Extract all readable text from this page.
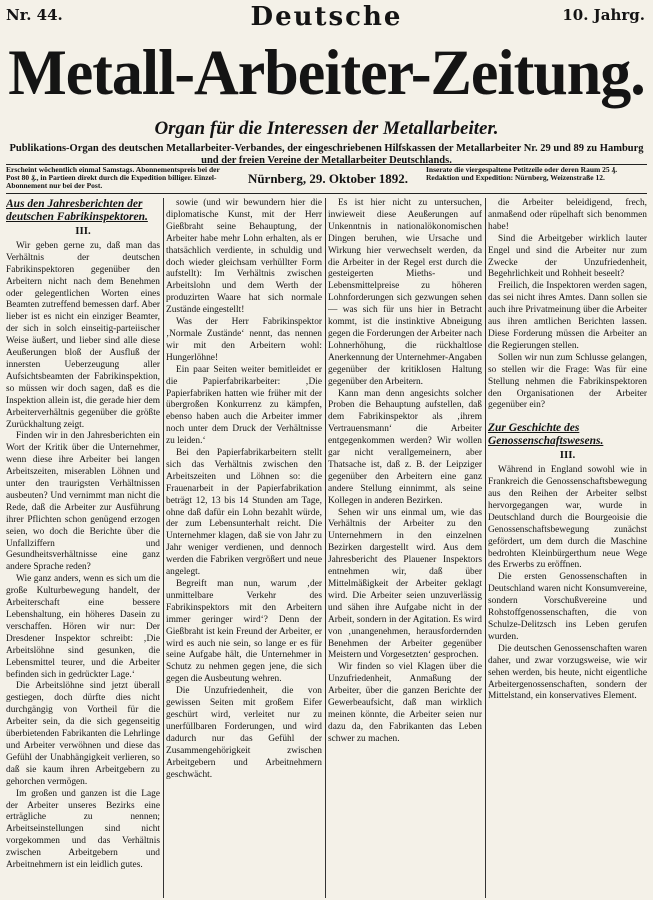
Nr. 44.	10. Jahrg.
Deutsche
Metall-Arbeiter-Zeitung.
Organ für die Interessen der Metallarbeiter.
Publikations-Organ des deutschen Metallarbeiter-Verbandes, der eingeschriebenen Hilfskassen der Metallarbeiter Nr. 29 und 89 zu Hamburg und der freien Vereine der Metallarbeiter Deutschlands.
Erscheint wöchentlich einmal Samstags. Abonnementspreis bei der Post 80 ₰., in Partieen direkt durch die Expedition billiger. Einzel-Abonnement nur bei der Post.	Nürnberg, 29. Oktober 1892.
Inserate die viergespaltene Petitzeile oder deren Raum 25 ₰. Redaktion und Expedition: Nürnberg, Weizenstraße 12.
Aus den Jahresberichten der deutschen Fabrikinspektoren.
III.

Wir geben gerne zu, daß man das Verhältnis der deutschen Fabrikinspektoren gegenüber den Arbeitern nicht nach dem Benehmen oder gelegentlichen Worten eines Beamten zutreffend bemessen darf. Aber lieber ist es nicht ein einziger Beamter, der sich in solch einseitig-parteiischer Weise äußert, und lieber sind alle diese Aeußerungen bloß der Ausfluß der innersten Ueberzeugung aller Aufsichtsbeamten der Fabrikinspektion, so müssen wir doch sagen, daß es die Inspektion allein ist, die gerade hier dem Arbeiterverhältnis gegenüber die größte Zurückhaltung zeigt.

Finden wir in den Jahresberichten ein Wort der Kritik über die Unternehmer, wenn diese ihre Arbeiter bei langen Arbeitszeiten, miserablen Löhnen und unter den traurigsten Verhältnissen ausbeuten? Und vernimmt man nicht die Rede, daß die Arbeiter zur Ausführung ihrer Pflichten schon genügend erzogen seien, wo doch die Berichte über die Unfallziffern und Gesundheitsverhältnisse eine ganz andere Sprache reden?

Wie ganz anders, wenn es sich um die große Kulturbewegung handelt, der Arbeiterschaft eine bessere Lebenshaltung, ein höheres Dasein zu verschaffen. Hören wir nur: Der Dresdener Inspektor schreibt: ‚Die Arbeitslöhne sind gesunken, die Lebensmittel teurer, und die Arbeiter befinden sich in gedrückter Lage.‘

Die Arbeitslöhne sind jetzt überall gestiegen, doch dürfte dies nicht durchgängig von Vortheil für die Arbeiter sein, da die sich gegenseitig überbietenden Fabrikanten die Lehrlinge und Arbeiter verwöhnen und diese das Gefühl der Unabhängigkeit verlieren, so daß sie kaum ihren Arbeitgebern zu gehorchen vermögen.

Im großen und ganzen ist die Lage der Arbeiter unseres Bezirks eine erträgliche zu nennen; Arbeitseinstellungen sind nicht vorgekommen und das Verhältnis zwischen Arbeitgebern und Arbeitnehmern ist ein leidlich gutes.

sowie (und wir bewundern hier die diplomatische Kunst, mit der Herr Gießbraht seine Behauptung, der Arbeiter habe mehr Lohn erhalten, als er thatsächlich verdiente, in schuldig und doch wieder gleichsam verhüllter Form aufstellt): Im Verhältnis zwischen Arbeitslohn und dem Werth der produzirten Waare hat sich normale Zustände eingestellt!

Was der Herr Fabrikinspektor ‚Normale Zustände‘ nennt, das nennen wir mit den Arbeitern wohl: Hungerlöhne!

Ein paar Seiten weiter bemitleidet er die Papierfabrikarbeiter: ‚Die Papierfabriken hatten wie früher mit der übergroßen Konkurrenz zu kämpfen, ebenso haben auch die Arbeiter immer noch unter dem Druck der Verhältnisse zu leiden.‘

Bei den Papierfabrikarbeitern stellt sich das Verhältnis zwischen den Arbeitszeiten und Löhnen so: die Frauenarbeit in der Papierfabrikation beträgt 12, 13 bis 14 Stunden am Tage, ohne daß dafür ein Lohn bezahlt würde, der zum Lebensunterhalt reicht. Die Unternehmer klagen, daß sie von Jahr zu Jahr weniger verdienen, und dennoch werden die Fabriken vergrößert und neue angelegt.

Begreift man nun, warum ‚der unmittelbare Verkehr des Fabrikinspektors mit den Arbeitern immer geringer wird‘? Denn der Gießbraht ist kein Freund der Arbeiter, er wird es auch nie sein, so lange er es für seine Aufgabe hält, die Unternehmer in Schutz zu nehmen gegen jene, die sich gegen die Ausbeutung wehren.

Die Unzufriedenheit, die von gewissen Seiten mit großem Eifer geschürt wird, verleitet nur zu unerfüllbaren Forderungen, und wird dadurch nur das Gefühl der Zusammengehörigkeit zwischen Arbeitgebern und Arbeitnehmern geschwächt.

Es ist hier nicht zu untersuchen, inwieweit diese Aeußerungen auf Unkenntnis in nationalökonomischen Dingen beruhen, wie Ursache und Wirkung hier verwechselt werden, da die Arbeiter in der Regel erst durch die gesteigerten Mieths- und Lebensmittelpreise zu höheren Lohnforderungen sich gezwungen sehen — was sich für uns hier in Betracht kommt, ist die instinktive Abneigung gegen die Forderungen der Arbeiter nach Lohnerhöhung, die rückhaltlose Anerkennung der Unternehmer-Angaben gegenüber der kritiklosen Haltung gegenüber den Arbeitern.

Kann man denn angesichts solcher Proben die Behauptung aufstellen, daß dem Fabrikinspektor als ‚ihrem Vertrauensmann‘ die Arbeiter entgegenkommen werden? Wir wollen gar nicht verallgemeinern, aber Thatsache ist, daß z. B. der Leipziger gegenüber den Arbeitern eine ganz andere Stellung einnimmt, als seine Kollegen in anderen Bezirken.

Sehen wir uns einmal um, wie das Verhältnis der Arbeiter zu den Unternehmern in den einzelnen Bezirken dargestellt wird. Aus dem Jahresbericht des Plauener Inspektors entnehmen wir, daß über Mittelmäßigkeit der Arbeiter geklagt wird. Die Arbeiter seien unzuverlässig und sähen ihre Aufgabe nicht in der Arbeit, sondern in der Agitation. Es wird von ‚unangenehmen, herausfordernden Benehmen der Arbeiter gegenüber Meistern und Vorgesetzten‘ gesprochen.

Wir finden so viel Klagen über die Unzufriedenheit, Anmaßung der Arbeiter, über die ganzen Berichte der Gewerbeaufsicht, daß man wirklich meinen könnte, die Arbeiter seien nur dazu da, den Fabrikanten das Leben schwer zu machen.

die Arbeiter beleidigend, frech, anmaßend oder rüpelhaft sich benommen habe!

Sind die Arbeitgeber wirklich lauter Engel und sind die Arbeiter nur zum Zwecke der Unzufriedenheit, Begehrlichkeit und Rohheit beseelt?

Freilich, die Inspektoren werden sagen, das sei nicht ihres Amtes. Dann sollen sie auch ihre Privatmeinung über die Arbeiter aus ihren amtlichen Berichten lassen. Diese Forderung müssen die Arbeiter an die Regierungen stellen.

Sollen wir nun zum Schlusse gelangen, so stellen wir die Frage: Was für eine Stellung nehmen die Fabrikinspektoren den Organisationen der Arbeiter gegenüber ein?

Zur Geschichte des Genossenschaftswesens.
III.

Während in England sowohl wie in Frankreich die Genossenschaftsbewegung aus den Reihen der Arbeiter selbst hervorgegangen war, wurde in Deutschland durch die Bourgeoisie die Genossenschaftsbewegung zunächst gefördert, um dem durch die Maschine bedrohten Kleinbürgerthum neue Wege des Erwerbs zu eröffnen.

Die ersten Genossenschaften in Deutschland waren nicht Konsumvereine, sondern Vorschußvereine und Rohstoffgenossenschaften, die von Schulze-Delitzsch ins Leben gerufen wurden.

Die deutschen Genossenschaften waren daher, und zwar vorzugsweise, wie wir sehen werden, bis heute, nicht eigentliche Arbeitergenossenschaften, sondern der Mittelstand, ein konservatives Element.
